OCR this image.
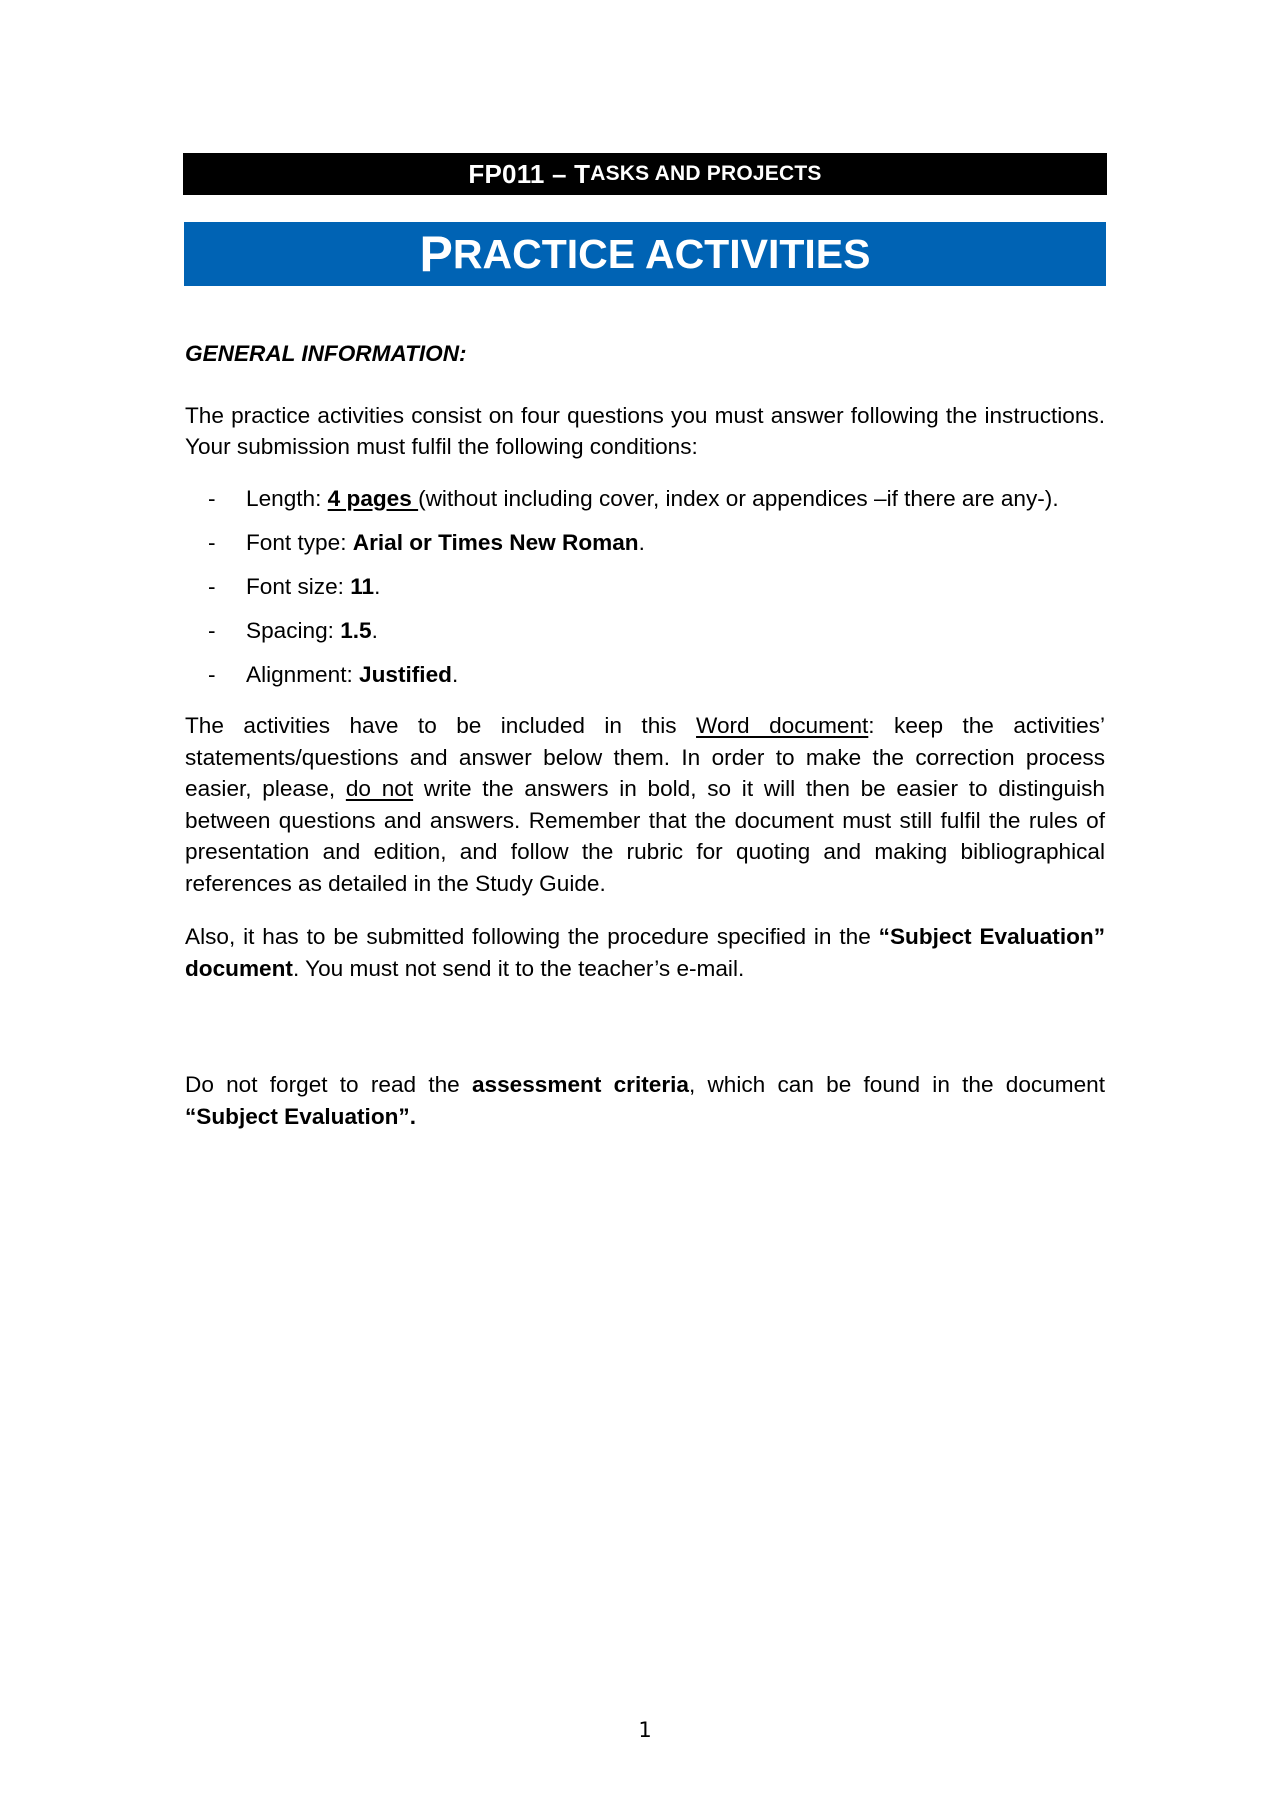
FP011
–
T ASKS AND PROJECTS
P RACTICE ACTIVITIES

GENERAL INFORMATION:

The practice activities consist on four questions you must answer following the instructions. Your submission must fulfil the following conditions:

- Length: 4 pages (without including cover, index or appendices –if there are any-).
- Font type: Arial or Times New Roman.
- Font size: 11.
- Spacing: 1.5.
- Alignment: Justified.

The activities have to be included in this Word document: keep the activities’ statements/questions and answer below them. In order to make the correction process easier, please, do not write the answers in bold, so it will then be easier to distinguish between questions and answers. Remember that the document must still fulfil the rules of presentation and edition, and follow the rubric for quoting and making bibliographical references as detailed in the Study Guide.

Also, it has to be submitted following the procedure specified in the “Subject Evaluation” document. You must not send it to the teacher’s e-mail.

Do not forget to read the assessment criteria, which can be found in the document “Subject Evaluation”.

1
